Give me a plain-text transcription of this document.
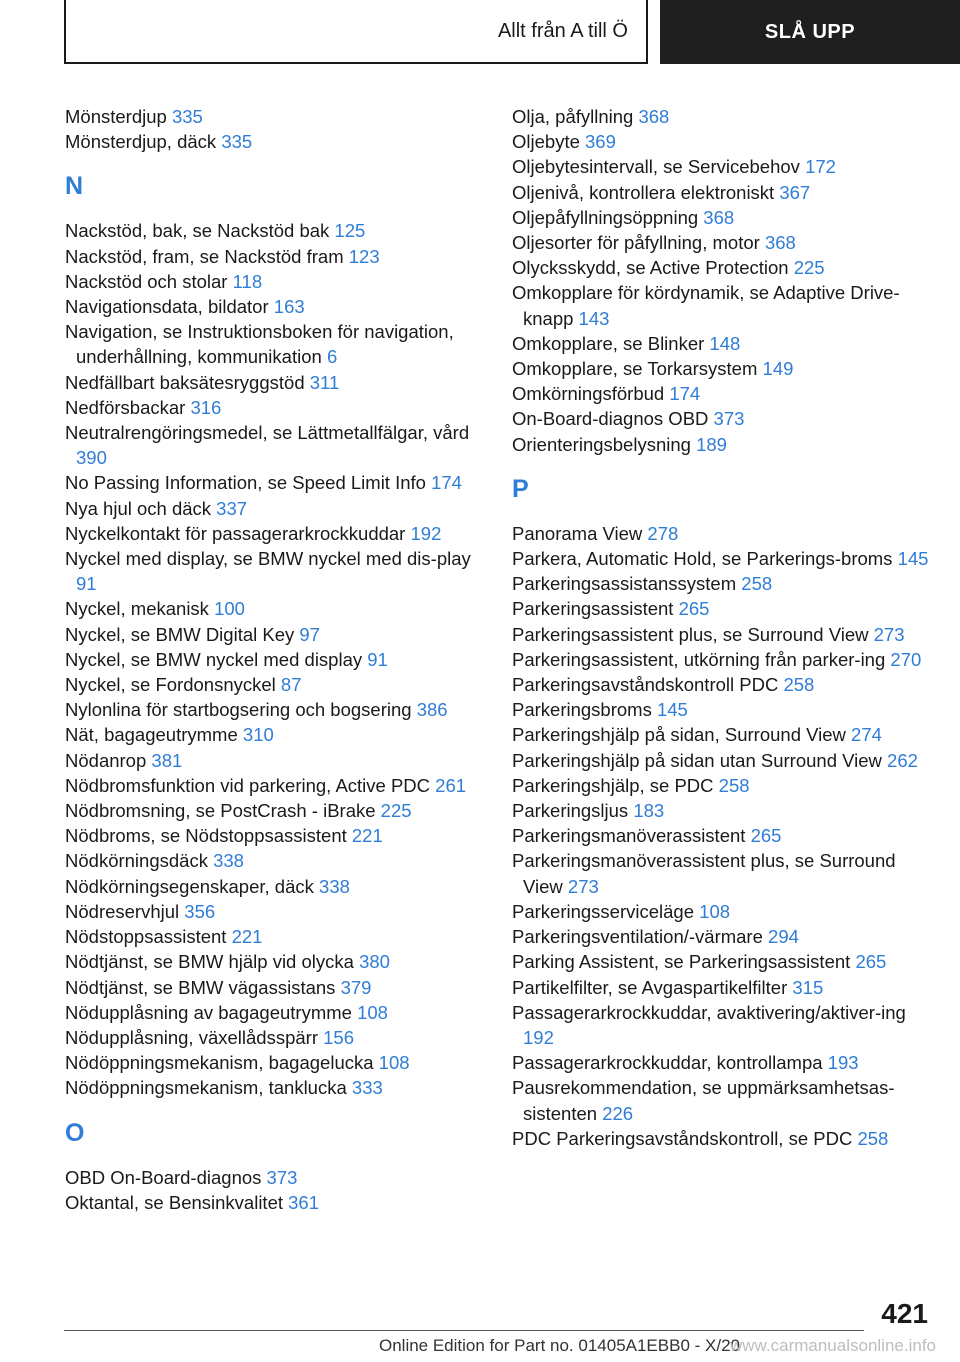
Allt från A till Ö	SLÅ UPP
Mönsterdjup 335
Mönsterdjup, däck 335
N
Nackstöd, bak, se Nackstöd bak 125
Nackstöd, fram, se Nackstöd fram 123
Nackstöd och stolar 118
Navigationsdata, bildator 163
Navigation, se Instruktionsboken för navigation, underhållning, kommunikation 6
Nedfällbart baksätesryggstöd 311
Nedförsbackar 316
Neutralrengöringsmedel, se Lättmetallfälgar, vård 390
No Passing Information, se Speed Limit Info 174
Nya hjul och däck 337
Nyckelkontakt för passagerarkrockkuddar 192
Nyckel med display, se BMW nyckel med dis-play 91
Nyckel, mekanisk 100
Nyckel, se BMW Digital Key 97
Nyckel, se BMW nyckel med display 91
Nyckel, se Fordonsnyckel 87
Nylonlina för startbogsering och bogsering 386
Nät, bagageutrymme 310
Nödanrop 381
Nödbromsfunktion vid parkering, Active PDC 261
Nödbromsning, se PostCrash - iBrake 225
Nödbroms, se Nödstoppsassistent 221
Nödkörningsdäck 338
Nödkörningsegenskaper, däck 338
Nödreservhjul 356
Nödstoppsassistent 221
Nödtjänst, se BMW hjälp vid olycka 380
Nödtjänst, se BMW vägassistans 379
Nödupplåsning av bagageutrymme 108
Nödupplåsning, växellådsspärr 156
Nödöppningsmekanism, bagagelucka 108
Nödöppningsmekanism, tanklucka 333
O
OBD On-Board-diagnos 373
Oktantal, se Bensinkvalitet 361
Olja, påfyllning 368
Oljebyte 369
Oljebytesintervall, se Servicebehov 172
Oljenivå, kontrollera elektroniskt 367
Oljepåfyllningsöppning 368
Oljesorter för påfyllning, motor 368
Olycksskydd, se Active Protection 225
Omkopplare för kördynamik, se Adaptive Drive-knapp 143
Omkopplare, se Blinker 148
Omkopplare, se Torkarsystem 149
Omkörningsförbud 174
On-Board-diagnos OBD 373
Orienteringsbelysning 189
P
Panorama View 278
Parkera, Automatic Hold, se Parkerings-broms 145
Parkeringsassistanssystem 258
Parkeringsassistent 265
Parkeringsassistent plus, se Surround View 273
Parkeringsassistent, utkörning från parker-ing 270
Parkeringsavståndskontroll PDC 258
Parkeringsbroms 145
Parkeringshjälp på sidan, Surround View 274
Parkeringshjälp på sidan utan Surround View 262
Parkeringshjälp, se PDC 258
Parkeringsljus 183
Parkeringsmanöverassistent 265
Parkeringsmanöverassistent plus, se Surround View 273
Parkeringsserviceläge 108
Parkeringsventilation/-värmare 294
Parking Assistent, se Parkeringsassistent 265
Partikelfilter, se Avgaspartikelfilter 315
Passagerarkrockkuddar, avaktivering/aktiver-ing 192
Passagerarkrockkuddar, kontrollampa 193
Pausrekommendation, se uppmärksamhetsas-sistenten 226
PDC Parkeringsavståndskontroll, se PDC 258
421
Online Edition for Part no. 01405A1EBB0 - X/20
www.carmanualsonline.info
